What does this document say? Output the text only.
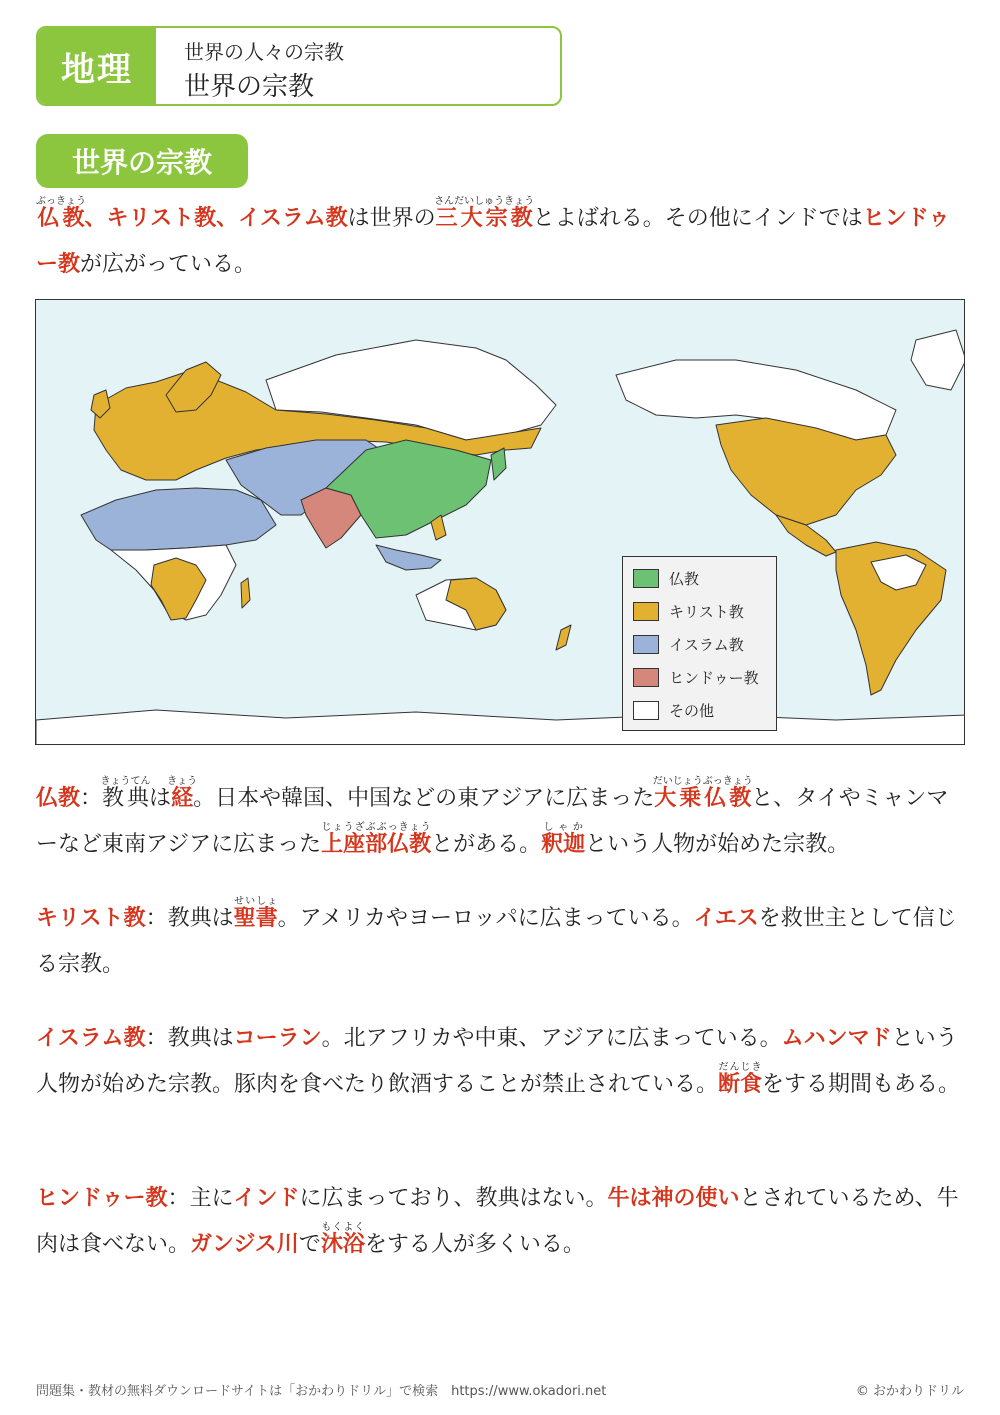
地理	世界の人々の宗教
世界の宗教
世界の宗教
仏教ぶっきょう、キリスト教、イスラム教は世界の三大宗教さんだいしゅうきょうとよばれる。その他にインドではヒンドゥー教が広がっている。
仏教
キリスト教
イスラム教
ヒンドゥー教
その他
仏教：教典きょうてんは経きょう。日本や韓国、中国などの東アジアに広まった大乗仏教だいじょうぶっきょうと、タイやミャンマーなど東南アジアに広まった上座部仏教じょうざぶぶっきょうとがある。釈迦しゃかという人物が始めた宗教。
キリスト教：教典は聖書せいしょ。アメリカやヨーロッパに広まっている。イエスを救世主として信じる宗教。
イスラム教：教典はコーラン。北アフリカや中東、アジアに広まっている。ムハンマドという人物が始めた宗教。豚肉を食べたり飲酒することが禁止されている。断食だんじきをする期間もある。
ヒンドゥー教：主にインドに広まっており、教典はない。牛は神の使いとされているため、牛肉は食べない。ガンジス川で沐浴もくよくをする人が多くいる。
問題集・教材の無料ダウンロードサイトは「おかわりドリル」で検索　https://www.okadori.net	© おかわりドリル
